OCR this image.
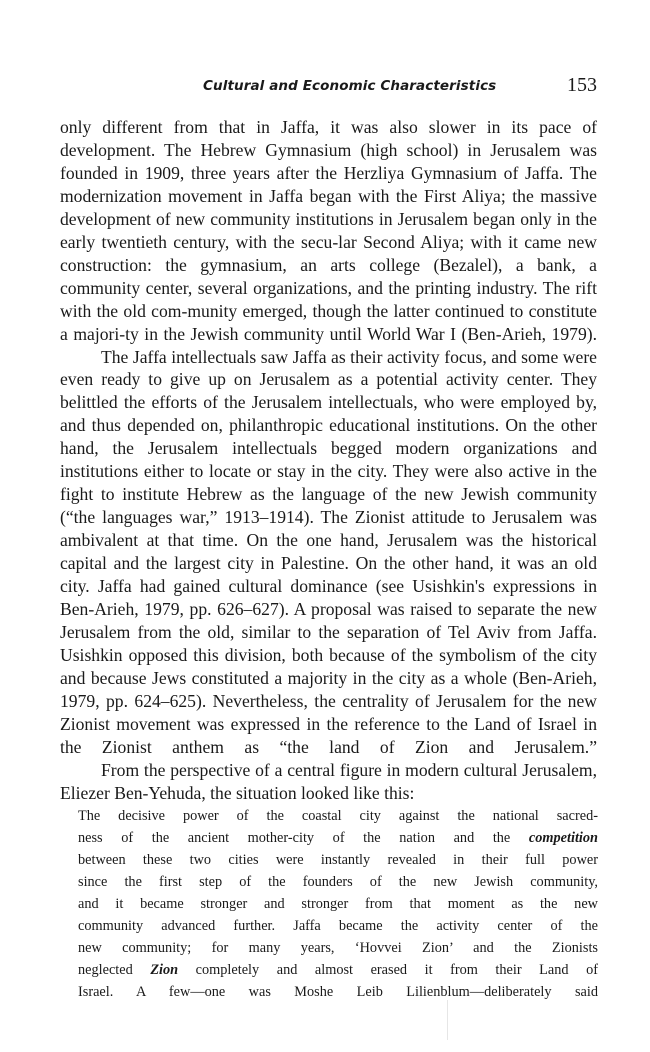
Cultural and Economic Characteristics	153

only different from that in Jaffa, it was also slower in its pace of development. The Hebrew Gymnasium (high school) in Jerusalem was founded in 1909, three years after the Herzliya Gymnasium of Jaffa. The modernization movement in Jaffa began with the First Aliya; the massive development of new community institutions in Jerusalem began only in the early twentieth century, with the secu-lar Second Aliya; with it came new construction: the gymnasium, an arts college (Bezalel), a bank, a community center, several organizations, and the printing industry. The rift with the old com-munity emerged, though the latter continued to constitute a majori-ty in the Jewish community until World War I (Ben-Arieh, 1979).

The Jaffa intellectuals saw Jaffa as their activity focus, and some were even ready to give up on Jerusalem as a potential activity center. They belittled the efforts of the Jerusalem intellectuals, who were employed by, and thus depended on, philanthropic educational institutions. On the other hand, the Jerusalem intellectuals begged modern organizations and institutions either to locate or stay in the city. They were also active in the fight to institute Hebrew as the language of the new Jewish community (“the languages war,” 1913–1914). The Zionist attitude to Jerusalem was ambivalent at that time. On the one hand, Jerusalem was the historical capital and the largest city in Palestine. On the other hand, it was an old city. Jaffa had gained cultural dominance (see Usishkin's expressions in Ben-Arieh, 1979, pp. 626–627). A proposal was raised to separate the new Jerusalem from the old, similar to the separation of Tel Aviv from Jaffa. Usishkin opposed this division, both because of the symbolism of the city and because Jews constituted a majority in the city as a whole (Ben-Arieh, 1979, pp. 624–625). Nevertheless, the centrality of Jerusalem for the new Zionist movement was expressed in the reference to the Land of Israel in the Zionist anthem as “the land of Zion and Jerusalem.”

From the perspective of a central figure in modern cultural Jerusalem, Eliezer Ben-Yehuda, the situation looked like this:

The decisive power of the coastal city against the national sacred-
ness of the ancient mother-city of the nation and the competition
between these two cities were instantly revealed in their full power
since the first step of the founders of the new Jewish community,
and it became stronger and stronger from that moment as the new
community advanced further. Jaffa became the activity center of the
new community; for many years, ‘Hovvei Zion’ and the Zionists
neglected Zion completely and almost erased it from their Land of
Israel. A few—one was Moshe Leib Lilienblum—deliberately said
